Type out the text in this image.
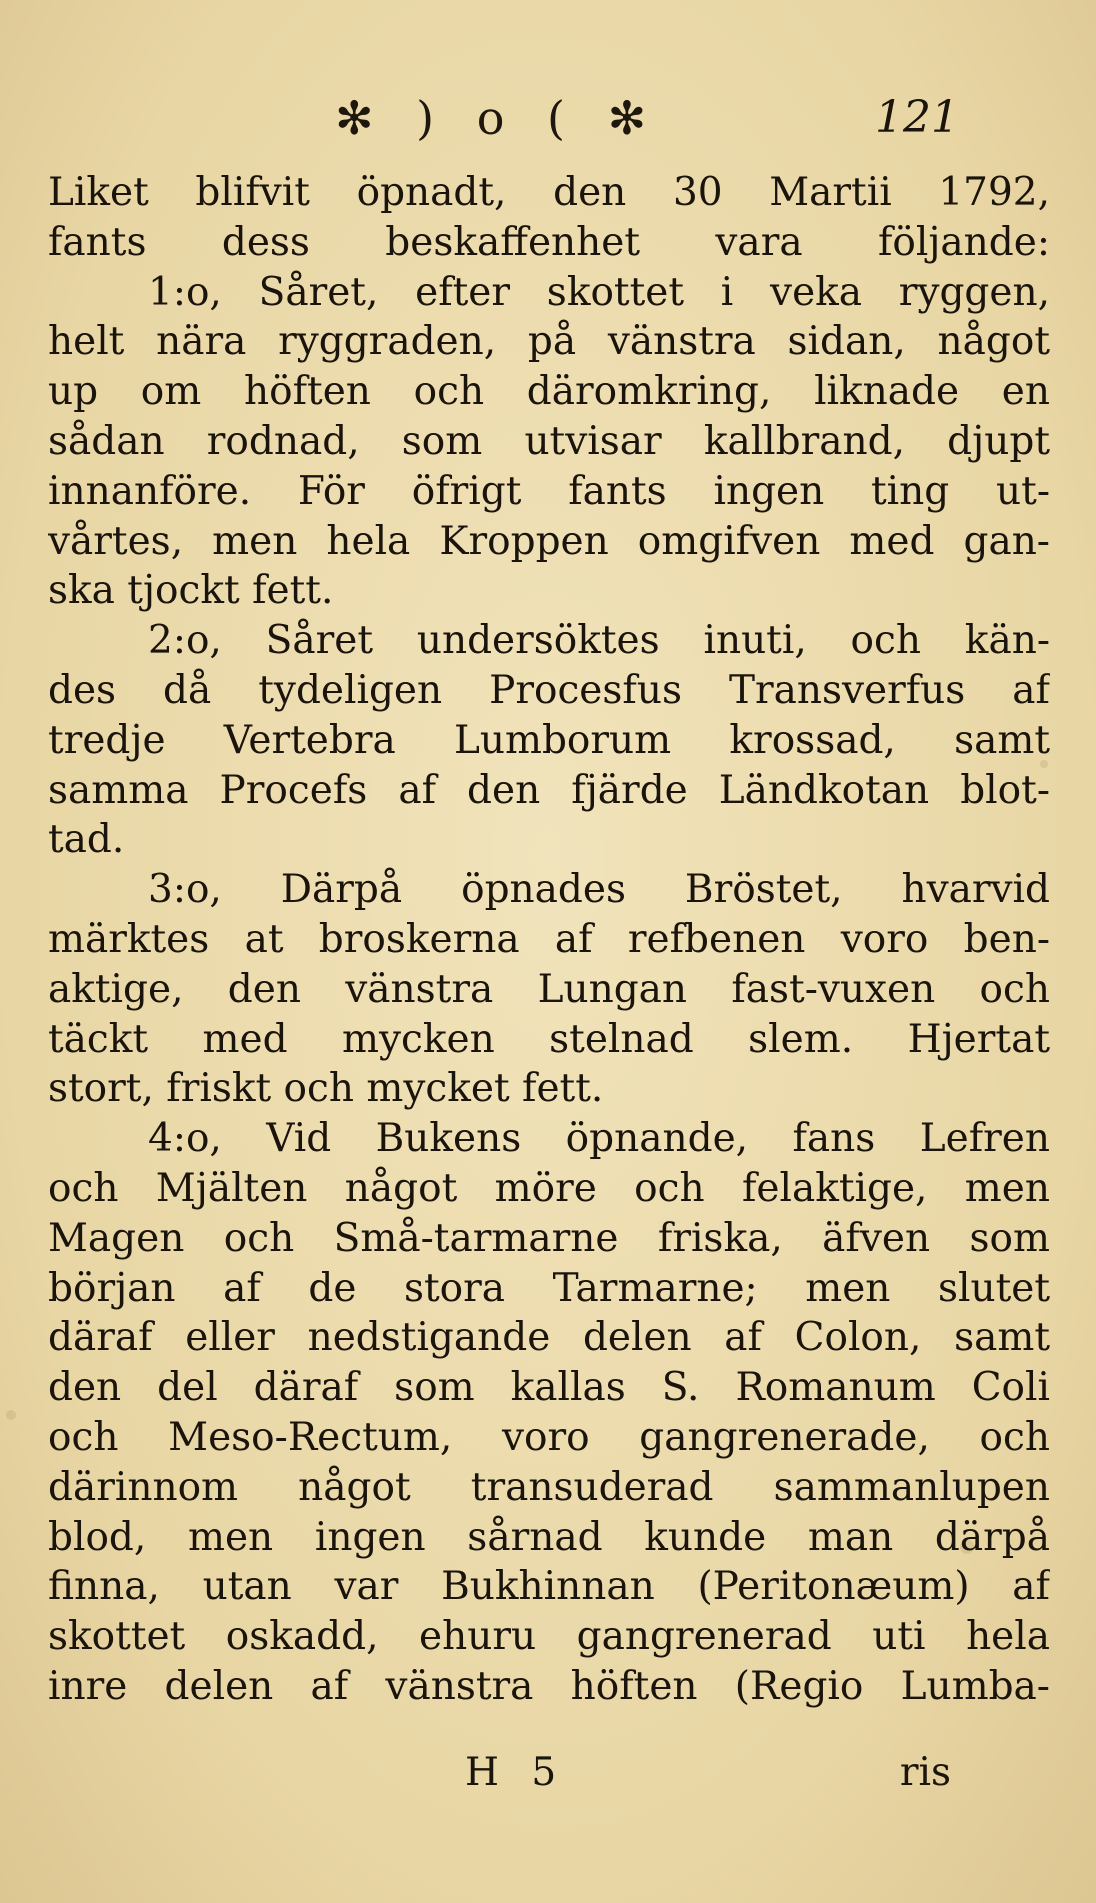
✻ ) o ( ✻	121
Liket blifvit öpnadt, den 30 Martii 1792,
fants dess beskaffenhet vara följande:
1:o, Såret, efter skottet i veka ryggen,
helt nära ryggraden, på vänstra sidan, något
up om höften och däromkring, liknade en
sådan rodnad, som utvisar kallbrand, djupt
innanföre. För öfrigt fants ingen ting ut-
vårtes, men hela Kroppen omgifven med gan-
ska tjockt fett.
2:o, Såret undersöktes inuti, och kän-
des då tydeligen Procesfus Transverfus af
tredje Vertebra Lumborum krossad, samt
samma Procefs af den fjärde Ländkotan blot-
tad.
3:o, Därpå öpnades Bröstet, hvarvid
märktes at broskerna af refbenen voro ben-
aktige, den vänstra Lungan fast-vuxen och
täckt med mycken stelnad slem. Hjertat
stort, friskt och mycket fett.
4:o, Vid Bukens öpnande, fans Lefren
och Mjälten något möre och felaktige, men
Magen och Små-tarmarne friska, äfven som
början af de stora Tarmarne; men slutet
däraf eller nedstigande delen af Colon, samt
den del däraf som kallas S. Romanum Coli
och Meso-Rectum, voro gangrenerade, och
därinnom något transuderad sammanlupen
blod, men ingen sårnad kunde man därpå
finna, utan var Bukhinnan (Peritonæum) af
skottet oskadd, ehuru gangrenerad uti hela
inre delen af vänstra höften (Regio Lumba-
H 5	ris
